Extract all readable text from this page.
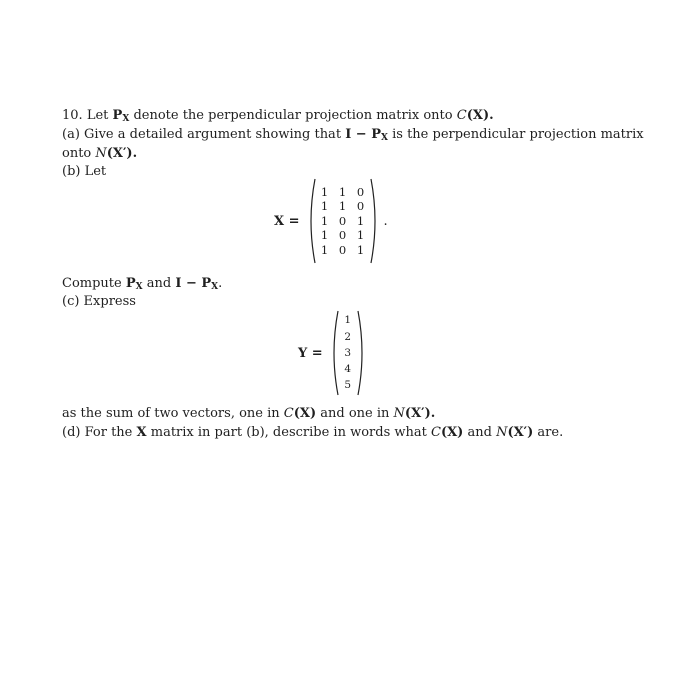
10. Let $P_X$ denote the perpendicular projection matrix onto C(X).
(a) Give a detailed argument showing that $I - P_X$ is the perpendicular projection matrix
onto N(X′).
(b) Let
X =
1 1 0
1 1 0
1 0 1
1 0 1
1 0 1
.
Compute $P_X$ and $I - P_X$.
(c) Express
Y =
1
2
3
4
5
as the sum of two vectors, one in C(X) and one in N(X′).
(d) For the X matrix in part (b), describe in words what C(X) and N(X′) are.
